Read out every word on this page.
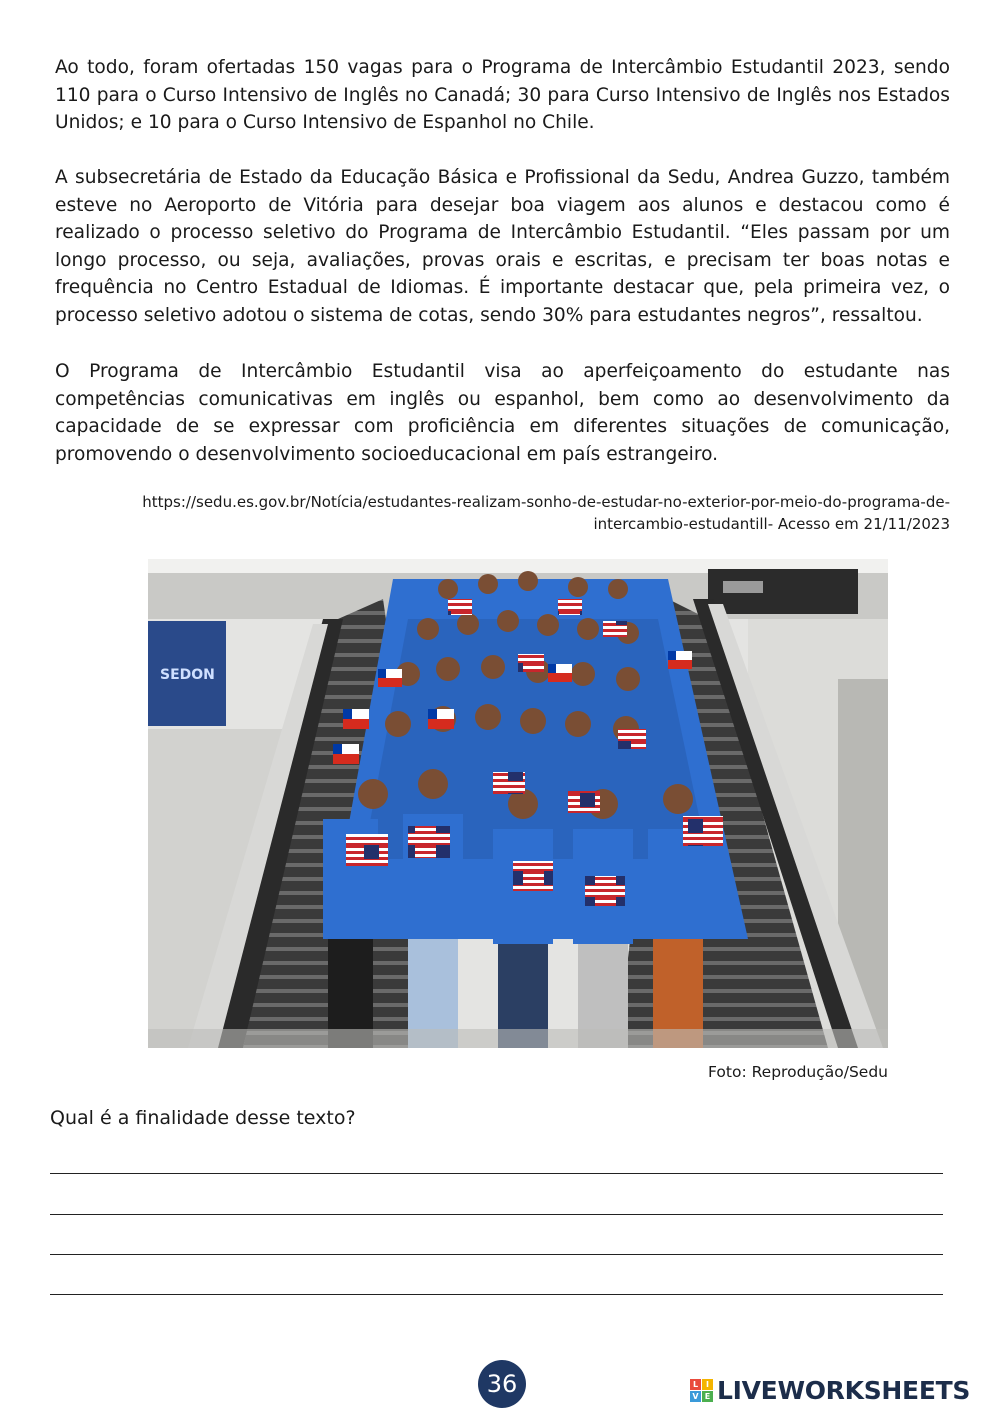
Ao todo, foram ofertadas 150 vagas para o Programa de Intercâmbio Estudantil 2023, sendo 110 para o Curso Intensivo de Inglês no Canadá; 30 para Curso Intensivo de Inglês nos Estados Unidos; e 10 para o Curso Intensivo de Espanhol no Chile.

A subsecretária de Estado da Educação Básica e Profissional da Sedu, Andrea Guzzo, também esteve no Aeroporto de Vitória para desejar boa viagem aos alunos e destacou como é realizado o processo seletivo do Programa de Intercâmbio Estudantil. “Eles passam por um longo processo, ou seja, avaliações, provas orais e escritas, e precisam ter boas notas e frequência no Centro Estadual de Idiomas. É importante destacar que, pela primeira vez, o processo seletivo adotou o sistema de cotas, sendo 30% para estudantes negros”, ressaltou.

O Programa de Intercâmbio Estudantil visa ao aperfeiçoamento do estudante nas competências comunicativas em inglês ou espanhol, bem como ao desenvolvimento da capacidade de se expressar com proficiência em diferentes situações de comunicação, promovendo o desenvolvimento socioeducacional em país estrangeiro.

https://sedu.es.gov.br/Notícia/estudantes-realizam-sonho-de-estudar-no-exterior-por-meio-do-programa-de-
intercambio-estudantill- Acesso em 21/11/2023

SEDON

Foto: Reprodução/Sedu

Qual é a finalidade desse texto?

36	L I
V E LIVEWORKSHEETS
